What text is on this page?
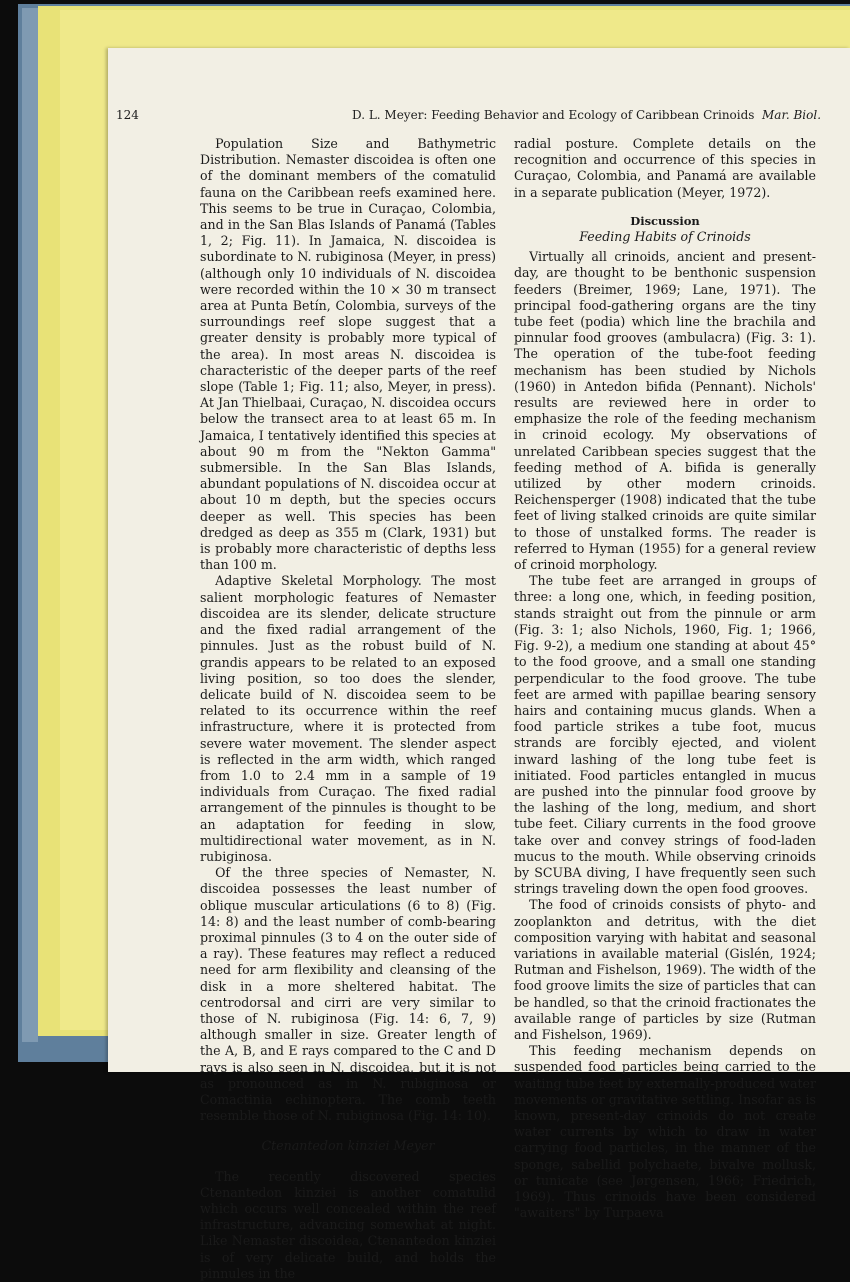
124	D. L. Meyer: Feeding Behavior and Ecology of Caribbean Crinoids Mar. Biol.

Population Size and Bathymetric Distribution. Nemaster discoidea is often one of the dominant members of the comatulid fauna on the Caribbean reefs examined here. This seems to be true in Curaçao, Colombia, and in the San Blas Islands of Panamá (Tables 1, 2; Fig. 11). In Jamaica, N. discoidea is subordinate to N. rubiginosa (Meyer, in press) (although only 10 individuals of N. discoidea were recorded within the 10 × 30 m transect area at Punta Betín, Colombia, surveys of the surroundings reef slope suggest that a greater density is probably more typical of the area). In most areas N. discoidea is characteristic of the deeper parts of the reef slope (Table 1; Fig. 11; also, Meyer, in press). At Jan Thielbaai, Curaçao, N. discoidea occurs below the transect area to at least 65 m. In Jamaica, I tentatively identified this species at about 90 m from the "Nekton Gamma" submersible. In the San Blas Islands, abundant populations of N. discoidea occur at about 10 m depth, but the species occurs deeper as well. This species has been dredged as deep as 355 m (Clark, 1931) but is probably more characteristic of depths less than 100 m.

Adaptive Skeletal Morphology. The most salient morphologic features of Nemaster discoidea are its slender, delicate structure and the fixed radial arrangement of the pinnules. Just as the robust build of N. grandis appears to be related to an exposed living position, so too does the slender, delicate build of N. discoidea seem to be related to its occurrence within the reef infrastructure, where it is protected from severe water movement. The slender aspect is reflected in the arm width, which ranged from 1.0 to 2.4 mm in a sample of 19 individuals from Curaçao. The fixed radial arrangement of the pinnules is thought to be an adaptation for feeding in slow, multidirectional water movement, as in N. rubiginosa.

Of the three species of Nemaster, N. discoidea possesses the least number of oblique muscular articulations (6 to 8) (Fig. 14: 8) and the least number of comb-bearing proximal pinnules (3 to 4 on the outer side of a ray). These features may reflect a reduced need for arm flexibility and cleansing of the disk in a more sheltered habitat. The centrodorsal and cirri are very similar to those of N. rubiginosa (Fig. 14: 6, 7, 9) although smaller in size. Greater length of the A, B, and E rays compared to the C and D rays is also seen in N. discoidea, but it is not as pronounced as in N. rubiginosa or Comactinia echinoptera. The comb teeth resemble those of N. rubiginosa (Fig. 14: 10).

Ctenantedon kinziei Meyer

The recently discovered species Ctenantedon kinziei is another comatulid which occurs well concealed within the reef infrastructure, advancing somewhat at night. Like Nemaster discoidea, Ctenantedon kinziei is of very delicate build, and holds the pinnules in the

radial posture. Complete details on the recognition and occurrence of this species in Curaçao, Colombia, and Panamá are available in a separate publication (Meyer, 1972).

Discussion

Feeding Habits of Crinoids

Virtually all crinoids, ancient and present-day, are thought to be benthonic suspension feeders (Breimer, 1969; Lane, 1971). The principal food-gathering organs are the tiny tube feet (podia) which line the brachila and pinnular food grooves (ambulacra) (Fig. 3: 1). The operation of the tube-foot feeding mechanism has been studied by Nichols (1960) in Antedon bifida (Pennant). Nichols' results are reviewed here in order to emphasize the role of the feeding mechanism in crinoid ecology. My observations of unrelated Caribbean species suggest that the feeding method of A. bifida is generally utilized by other modern crinoids. Reichensperger (1908) indicated that the tube feet of living stalked crinoids are quite similar to those of unstalked forms. The reader is referred to Hyman (1955) for a general review of crinoid morphology.

The tube feet are arranged in groups of three: a long one, which, in feeding position, stands straight out from the pinnule or arm (Fig. 3: 1; also Nichols, 1960, Fig. 1; 1966, Fig. 9-2), a medium one standing at about 45° to the food groove, and a small one standing perpendicular to the food groove. The tube feet are armed with papillae bearing sensory hairs and containing mucus glands. When a food particle strikes a tube foot, mucus strands are forcibly ejected, and violent inward lashing of the long tube feet is initiated. Food particles entangled in mucus are pushed into the pinnular food groove by the lashing of the long, medium, and short tube feet. Ciliary currents in the food groove take over and convey strings of food-laden mucus to the mouth. While observing crinoids by SCUBA diving, I have frequently seen such strings traveling down the open food grooves.

The food of crinoids consists of phyto- and zooplankton and detritus, with the diet composition varying with habitat and seasonal variations in available material (Gislén, 1924; Rutman and Fishelson, 1969). The width of the food groove limits the size of particles that can be handled, so that the crinoid fractionates the available range of particles by size (Rutman and Fishelson, 1969).

This feeding mechanism depends on suspended food particles being carried to the waiting tube feet by externally-produced water movements or gravitative settling. Insofar as is known, present-day crinoids do not create water currents by which to draw in water carrying food particles, in the manner of the sponge, sabellid polychaete, bivalve mollusk, or tunicate (see Jørgensen, 1966; Friedrich, 1969). Thus crinoids have been considered "awaiters" by Turpaeva
